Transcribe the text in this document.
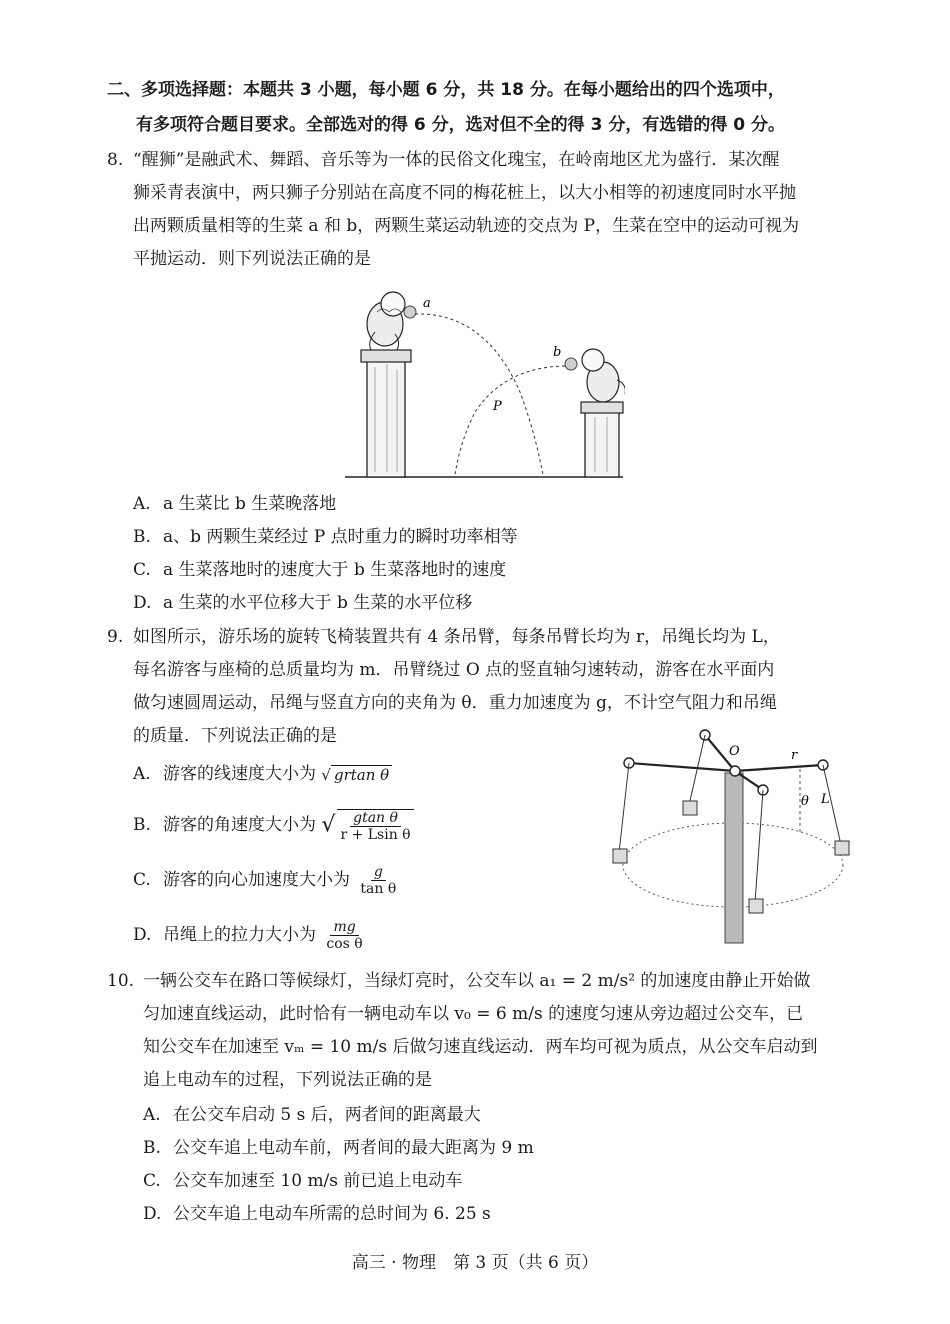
二、多项选择题：本题共 3 小题，每小题 6 分，共 18 分。在每小题给出的四个选项中，
有多项符合题目要求。全部选对的得 6 分，选对但不全的得 3 分，有选错的得 0 分。
8. “醒狮”是融武术、舞蹈、音乐等为一体的民俗文化瑰宝，在岭南地区尤为盛行．某次醒
狮采青表演中，两只狮子分别站在高度不同的梅花桩上，以大小相等的初速度同时水平抛
出两颗质量相等的生菜 a 和 b，两颗生菜运动轨迹的交点为 P，生菜在空中的运动可视为
平抛运动．则下列说法正确的是
a
b
P
A. a 生菜比 b 生菜晚落地
B. a、b 两颗生菜经过 P 点时重力的瞬时功率相等
C. a 生菜落地时的速度大于 b 生菜落地时的速度
D. a 生菜的水平位移大于 b 生菜的水平位移
9. 如图所示，游乐场的旋转飞椅装置共有 4 条吊臂，每条吊臂长均为 r，吊绳长均为 L，
每名游客与座椅的总质量均为 m．吊臂绕过 O 点的竖直轴匀速转动，游客在水平面内
做匀速圆周运动，吊绳与竖直方向的夹角为 θ．重力加速度为 g，不计空气阻力和吊绳
的质量．下列说法正确的是
A. 游客的线速度大小为 √ grtan θ
B. 游客的角速度大小为 √ $\frac{\text{gtan θ}}{\text{r + Lsin θ}}$
C. 游客的向心加速度大小为 $\frac{g}{\text{tan θ}}$
D. 吊绳上的拉力大小为 $\frac{mg}{\text{cos θ}}$
O	r
θ L
10. 一辆公交车在路口等候绿灯，当绿灯亮时，公交车以 a₁ = 2 m/s² 的加速度由静止开始做
匀加速直线运动，此时恰有一辆电动车以 v₀ = 6 m/s 的速度匀速从旁边超过公交车，已
知公交车在加速至 vₘ = 10 m/s 后做匀速直线运动．两车均可视为质点，从公交车启动到
追上电动车的过程，下列说法正确的是
A. 在公交车启动 5 s 后，两者间的距离最大
B. 公交车追上电动车前，两者间的最大距离为 9 m
C. 公交车加速至 10 m/s 前已追上电动车
D. 公交车追上电动车所需的总时间为 6. 25 s
高三 · 物理　第 3 页（共 6 页）
